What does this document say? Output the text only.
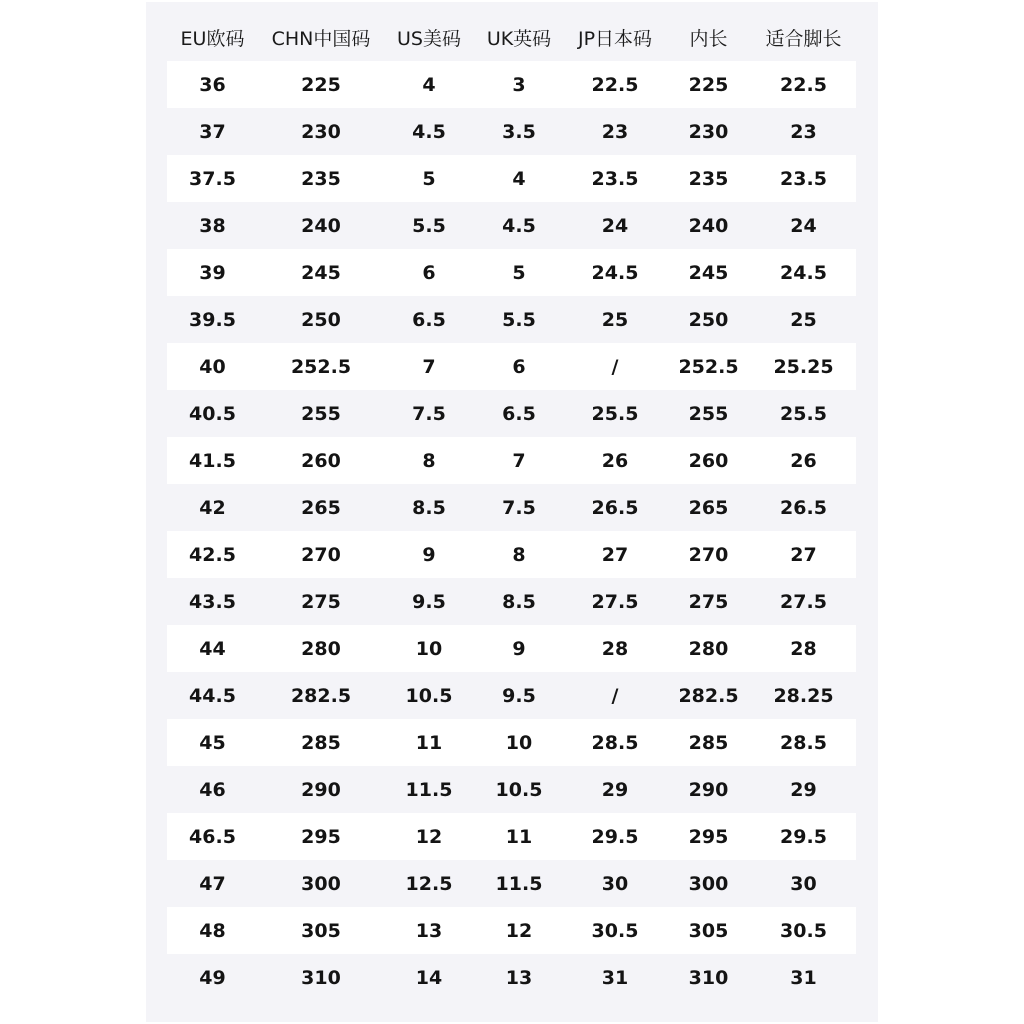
EU欧码	CHN中国码	US美码	UK英码	JP日本码	内长	适合脚长
36	225	4	3	22.5	225	22.5
37	230	4.5	3.5	23	230	23
37.5	235	5	4	23.5	235	23.5
38	240	5.5	4.5	24	240	24
39	245	6	5	24.5	245	24.5
39.5	250	6.5	5.5	25	250	25
40	252.5	7	6	/	252.5	25.25
40.5	255	7.5	6.5	25.5	255	25.5
41.5	260	8	7	26	260	26
42	265	8.5	7.5	26.5	265	26.5
42.5	270	9	8	27	270	27
43.5	275	9.5	8.5	27.5	275	27.5
44	280	10	9	28	280	28
44.5	282.5	10.5	9.5	/	282.5	28.25
45	285	11	10	28.5	285	28.5
46	290	11.5	10.5	29	290	29
46.5	295	12	11	29.5	295	29.5
47	300	12.5	11.5	30	300	30
48	305	13	12	30.5	305	30.5
49	310	14	13	31	310	31
